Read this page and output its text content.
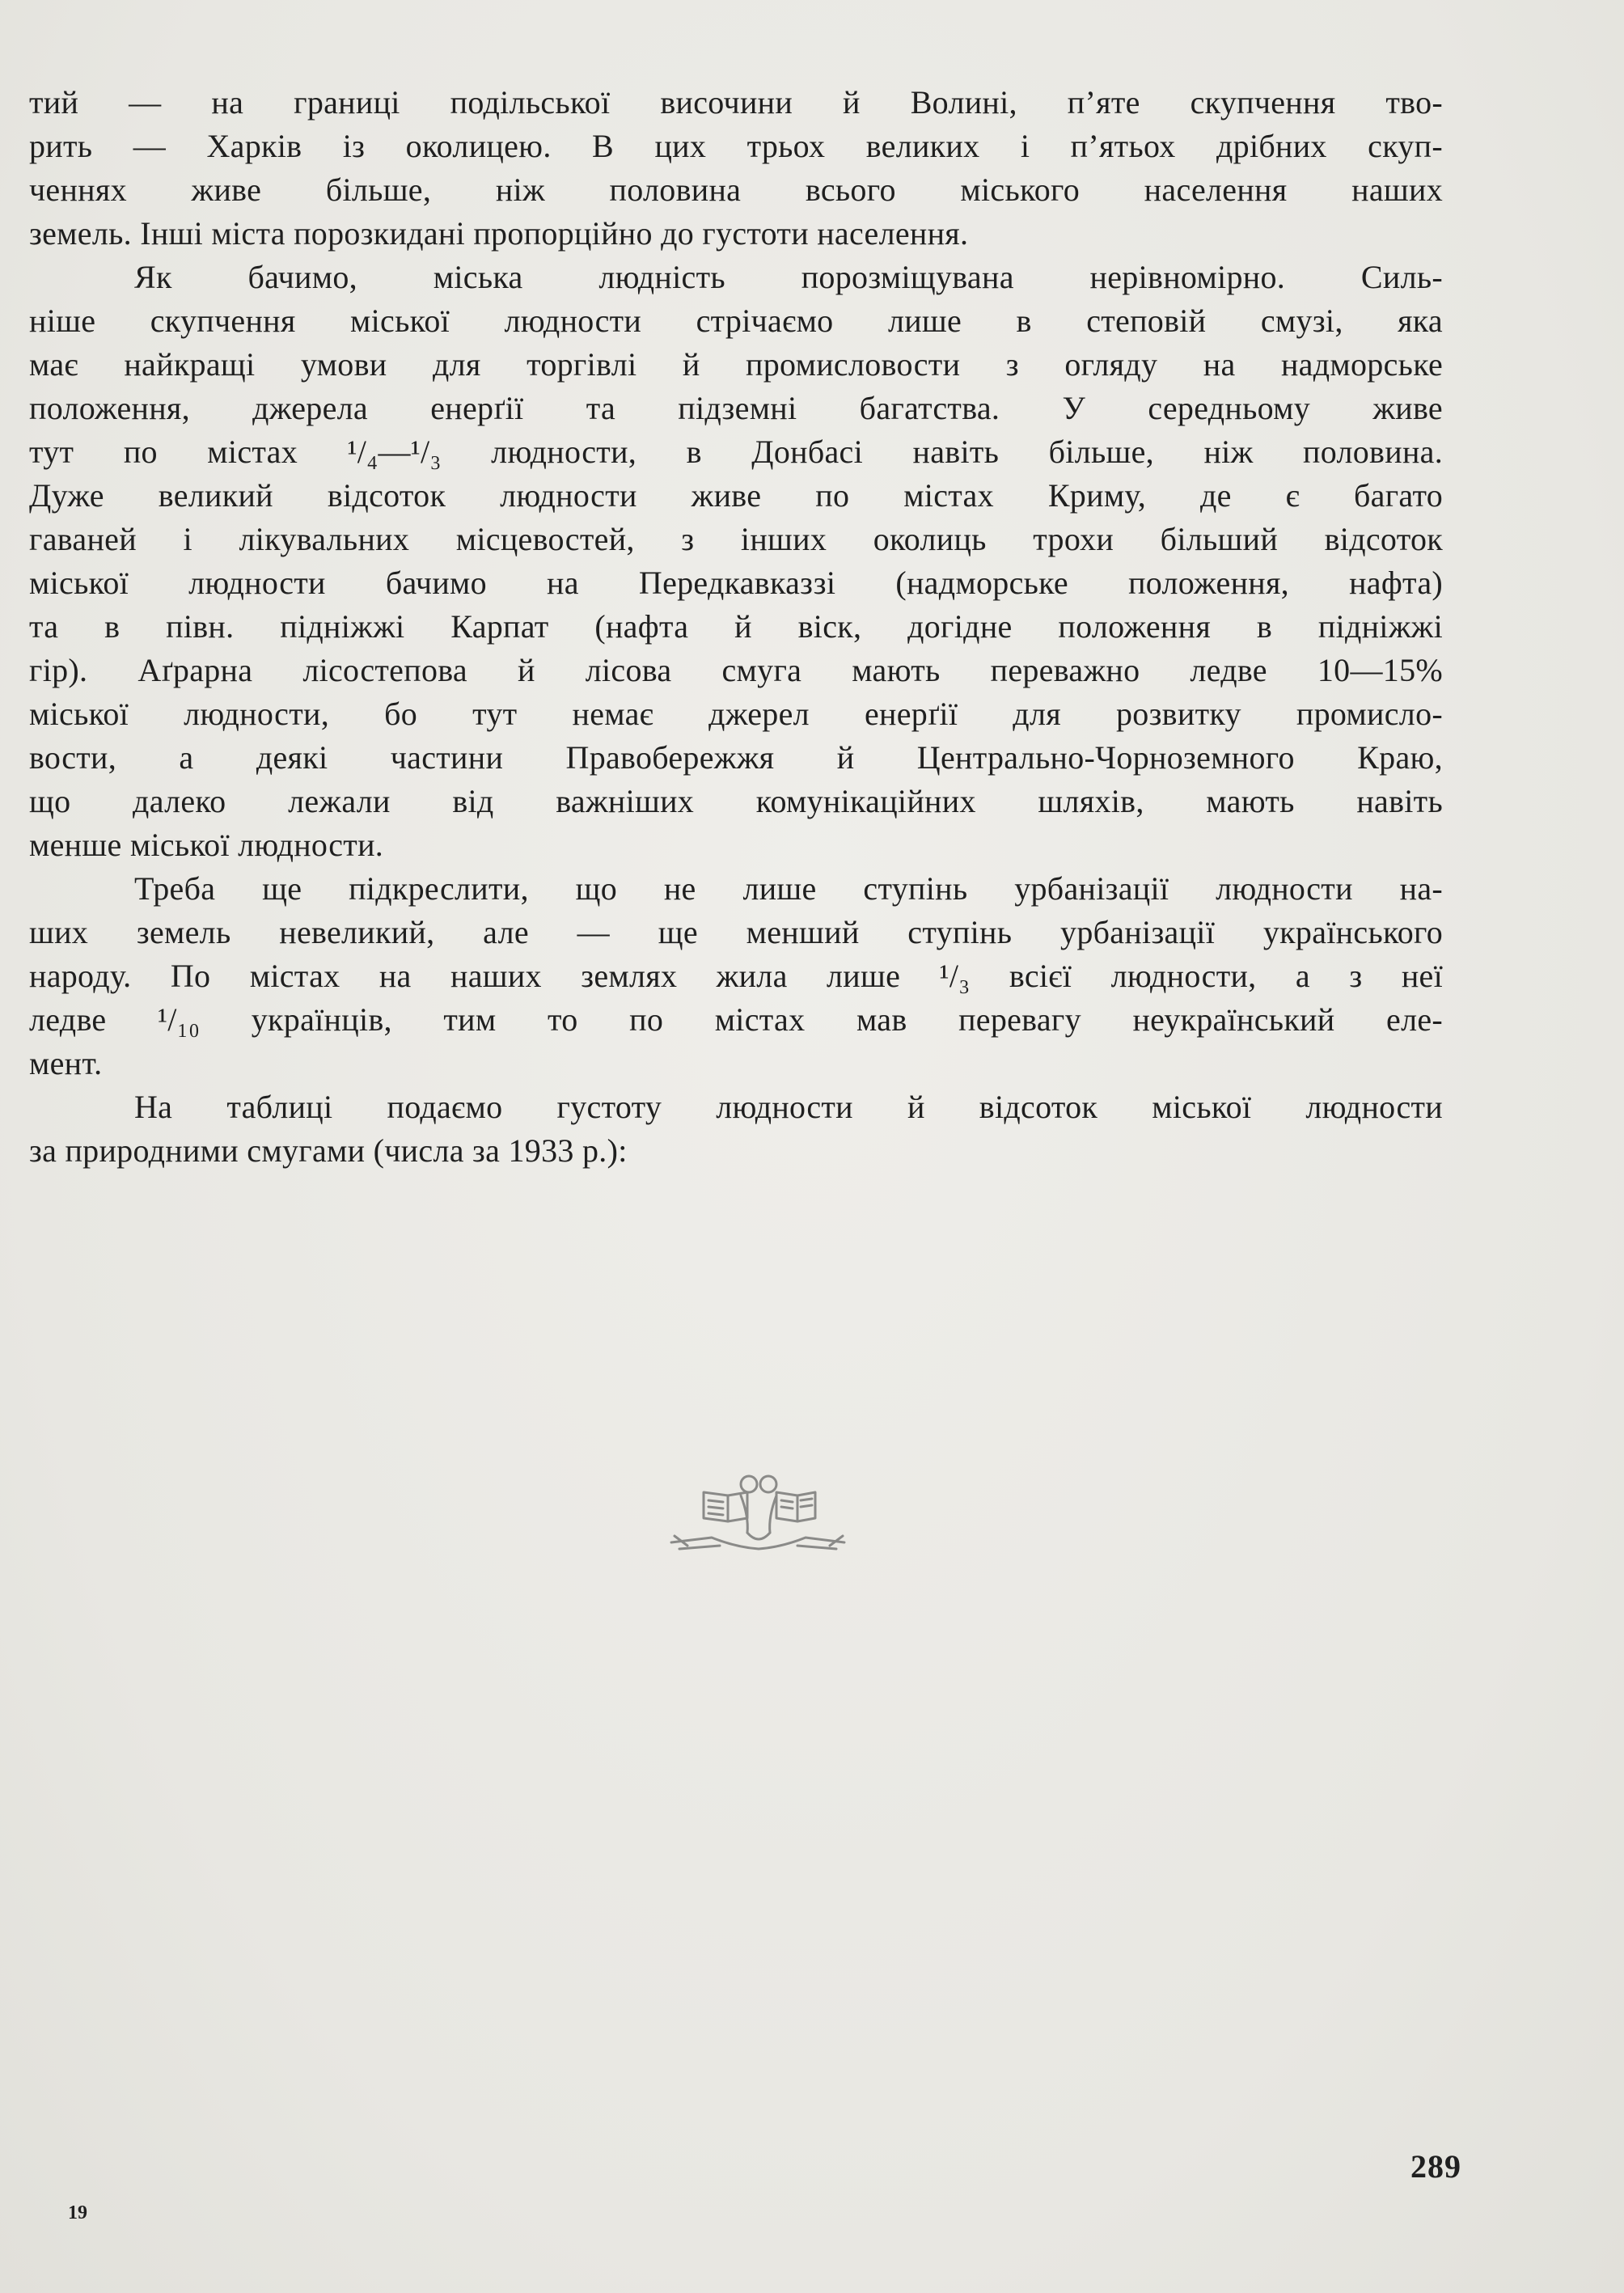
тий — на границі подільської височини й Волині, п’яте скупчення тво-
рить — Харків із околицею. В цих трьох великих і п’ятьох дрібних скуп-
ченнях живе більше, ніж половина всього міського населення наших
земель. Інші міста порозкидані пропорційно до густоти населення.
Як бачимо, міська людність порозміщувана нерівномірно. Силь-
ніше скупчення міської людности стрічаємо лише в степовій смузі, яка
має найкращі умови для торгівлі й промисловости з огляду на надморське
положення, джерела енерґії та підземні багатства. У середньому живе
тут по містах ¹/₄—¹/₃ людности, в Донбасі навіть більше, ніж половина.
Дуже великий відсоток людности живе по містах Криму, де є багато
гаваней і лікувальних місцевостей, з інших околиць трохи більший відсоток
міської людности бачимо на Передкавказзі (надморське положення, нафта)
та в півн. підніжжі Карпат (нафта й віск, догідне положення в підніжжі
гір). Аґрарна лісостепова й лісова смуга мають переважно ледве 10—15%
міської людности, бо тут немає джерел енерґії для розвитку промисло-
вости, а деякі частини Правобережжя й Центрально-Чорноземного Краю,
що далеко лежали від важніших комунікаційних шляхів, мають навіть
менше міської людности.
Треба ще підкреслити, що не лише ступінь урбанізації людности на-
ших земель невеликий, але — ще менший ступінь урбанізації українського
народу. По містах на наших землях жила лише ¹/₃ всієї людности, а з неї
ледве ¹/₁₀ українців, тим то по містах мав перевагу неукраїнський еле-
мент.
На таблиці подаємо густоту людности й відсоток міської людности
за природними смугами (числа за 1933 р.):
289
19
